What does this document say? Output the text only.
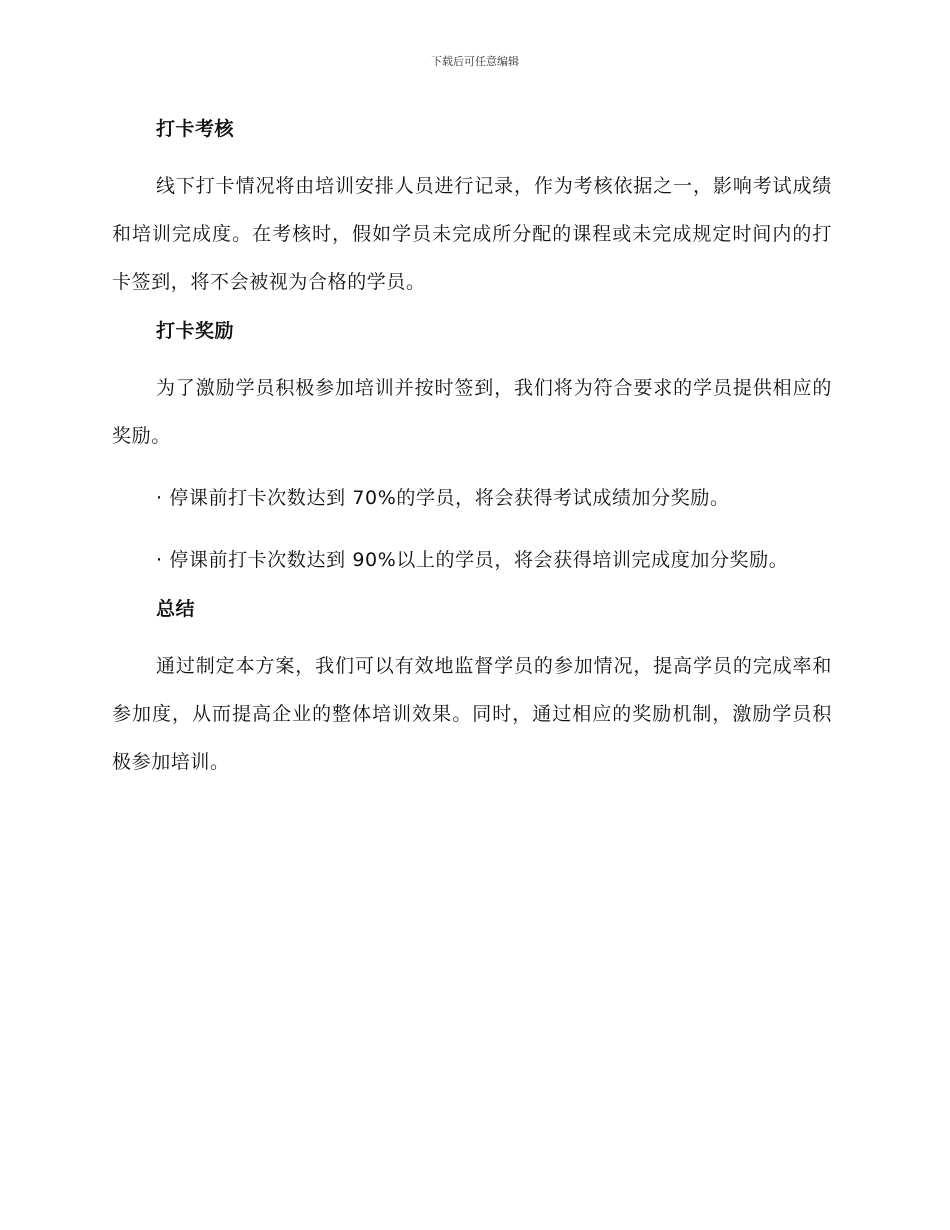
下载后可任意编辑
打卡考核

线下打卡情况将由培训安排人员进行记录，作为考核依据之一，影响考试成绩和培训完成度。在考核时，假如学员未完成所分配的课程或未完成规定时间内的打卡签到，将不会被视为合格的学员。

打卡奖励

为了激励学员积极参加培训并按时签到，我们将为符合要求的学员提供相应的奖励。

· 停课前打卡次数达到 70%的学员，将会获得考试成绩加分奖励。

· 停课前打卡次数达到 90%以上的学员，将会获得培训完成度加分奖励。

总结

通过制定本方案，我们可以有效地监督学员的参加情况，提高学员的完成率和参加度，从而提高企业的整体培训效果。同时，通过相应的奖励机制，激励学员积极参加培训。
